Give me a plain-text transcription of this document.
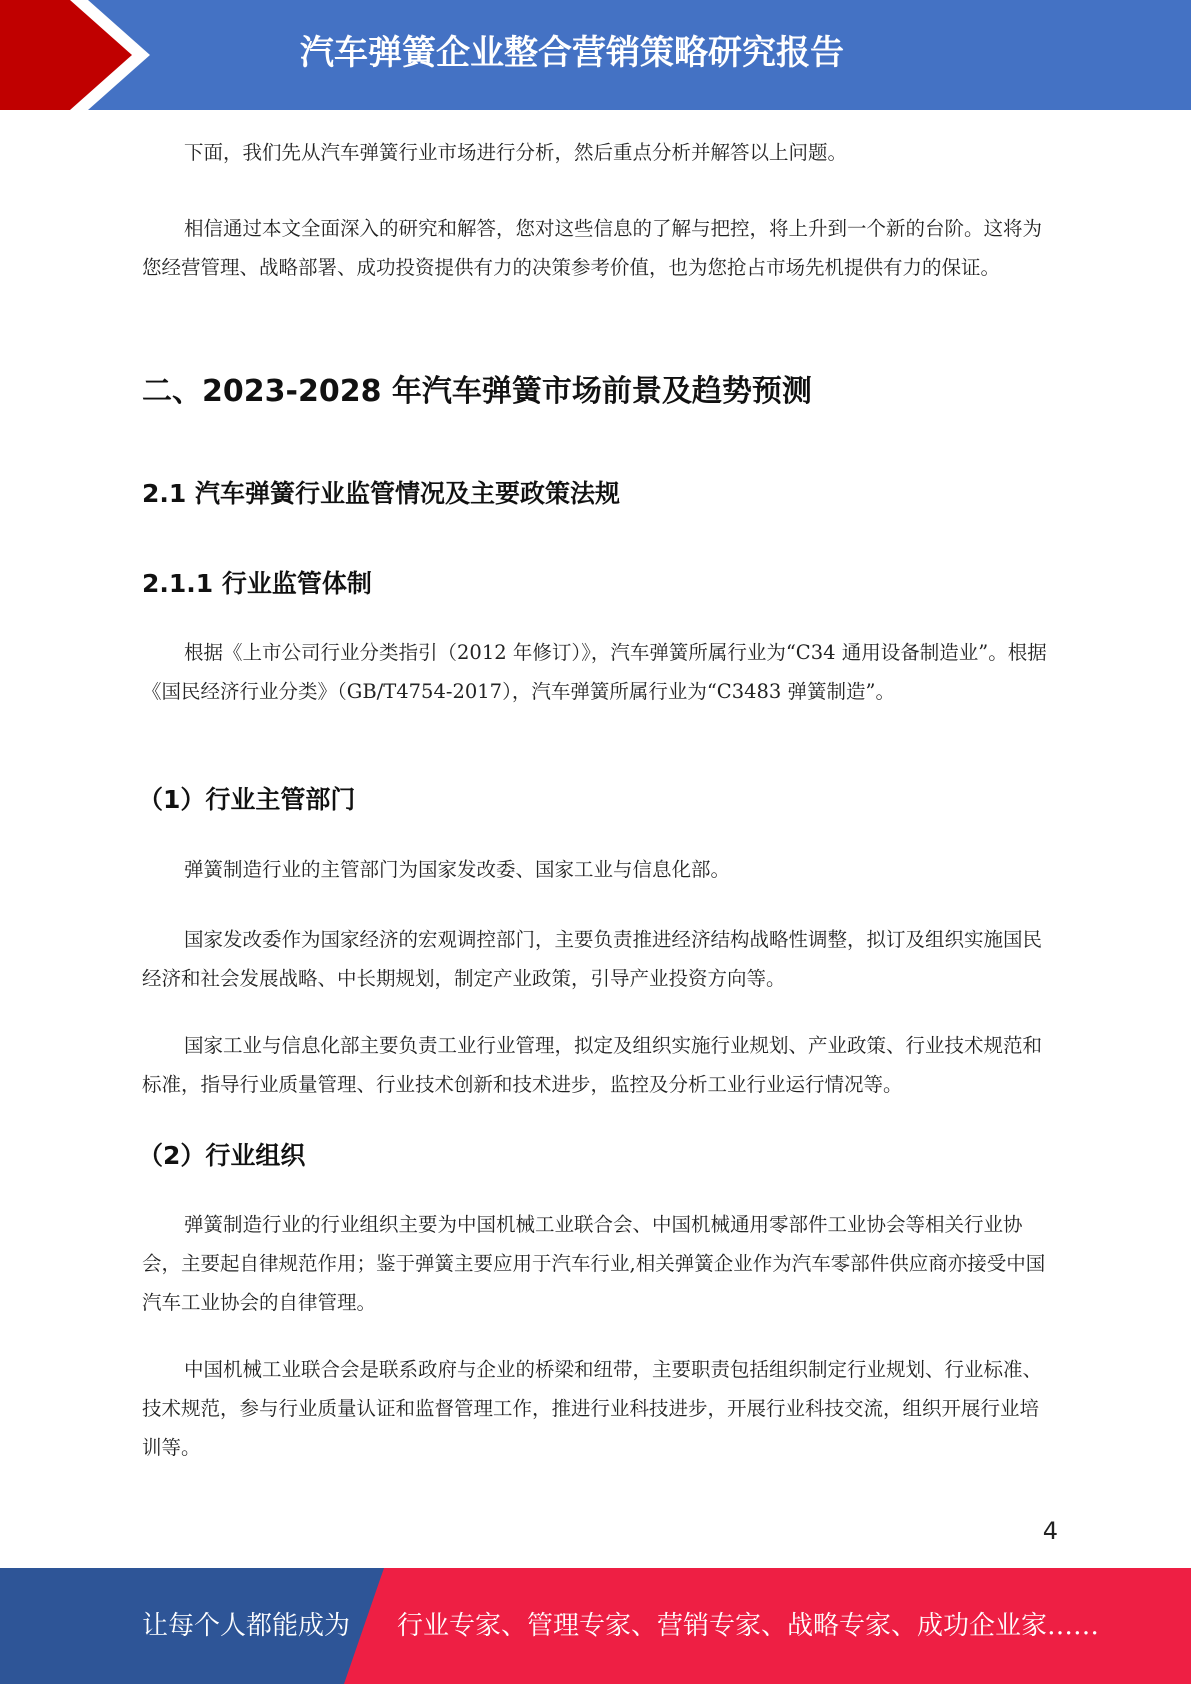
汽车弹簧企业整合营销策略研究报告

下面，我们先从汽车弹簧行业市场进行分析，然后重点分析并解答以上问题。

相信通过本文全面深入的研究和解答，您对这些信息的了解与把控，将上升到一个新的台阶。这将为您经营管理、战略部署、成功投资提供有力的决策参考价值，也为您抢占市场先机提供有力的保证。

二、2023-2028 年汽车弹簧市场前景及趋势预测
2.1 汽车弹簧行业监管情况及主要政策法规
2.1.1 行业监管体制

根据《上市公司行业分类指引（2012 年修订）》，汽车弹簧所属行业为“C34 通用设备制造业”。根据《国民经济行业分类》（GB/T4754-2017），汽车弹簧所属行业为“C3483 弹簧制造”。

（1）行业主管部门

弹簧制造行业的主管部门为国家发改委、国家工业与信息化部。

国家发改委作为国家经济的宏观调控部门，主要负责推进经济结构战略性调整，拟订及组织实施国民经济和社会发展战略、中长期规划，制定产业政策，引导产业投资方向等。

国家工业与信息化部主要负责工业行业管理，拟定及组织实施行业规划、产业政策、行业技术规范和标准，指导行业质量管理、行业技术创新和技术进步，监控及分析工业行业运行情况等。

（2）行业组织

弹簧制造行业的行业组织主要为中国机械工业联合会、中国机械通用零部件工业协会等相关行业协会，主要起自律规范作用；鉴于弹簧主要应用于汽车行业,相关弹簧企业作为汽车零部件供应商亦接受中国汽车工业协会的自律管理。

中国机械工业联合会是联系政府与企业的桥梁和纽带，主要职责包括组织制定行业规划、行业标准、技术规范，参与行业质量认证和监督管理工作，推进行业科技进步，开展行业科技交流，组织开展行业培训等。

4
让每个人都能成为 行业专家、管理专家、营销专家、战略专家、成功企业家……
